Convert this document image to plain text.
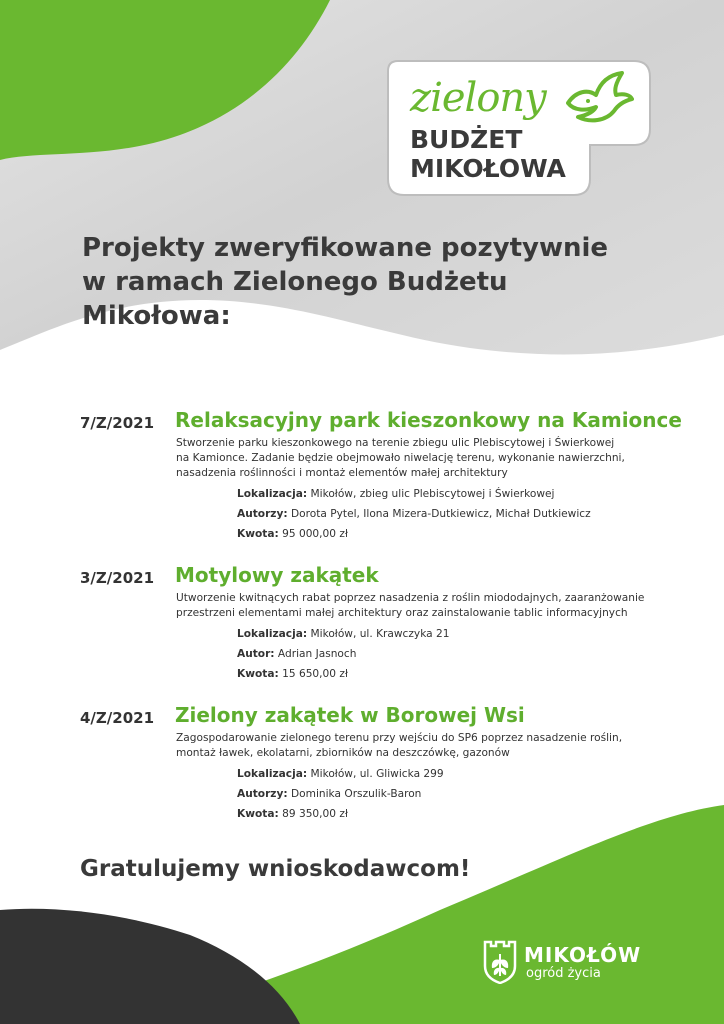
zielony
BUDŻET
MIKOŁOWA
Projekty zweryfikowane pozytywnie
w ramach Zielonego Budżetu Mikołowa:
7/Z/2021 Relaksacyjny park kieszonkowy na Kamionce
Stworzenie parku kieszonkowego na terenie zbiegu ulic Plebiscytowej i Świerkowej
na Kamionce. Zadanie będzie obejmowało niwelację terenu, wykonanie nawierzchni,
nasadzenia roślinności i montaż elementów małej architektury
Lokalizacja: Mikołów, zbieg ulic Plebiscytowej i Świerkowej
Autorzy: Dorota Pytel, Ilona Mizera-Dutkiewicz, Michał Dutkiewicz
Kwota: 95 000,00 zł
3/Z/2021 Motylowy zakątek
Utworzenie kwitnących rabat poprzez nasadzenia z roślin miododajnych, zaaranżowanie
przestrzeni elementami małej architektury oraz zainstalowanie tablic informacyjnych
Lokalizacja: Mikołów, ul. Krawczyka 21
Autor: Adrian Jasnoch
Kwota: 15 650,00 zł
4/Z/2021 Zielony zakątek w Borowej Wsi
Zagospodarowanie zielonego terenu przy wejściu do SP6 poprzez nasadzenie roślin,
montaż ławek, ekolatarni, zbiorników na deszczówkę, gazonów
Lokalizacja: Mikołów, ul. Gliwicka 299
Autorzy: Dominika Orszulik-Baron
Kwota: 89 350,00 zł
Gratulujemy wnioskodawcom!
MIKOŁÓW
ogród życia
